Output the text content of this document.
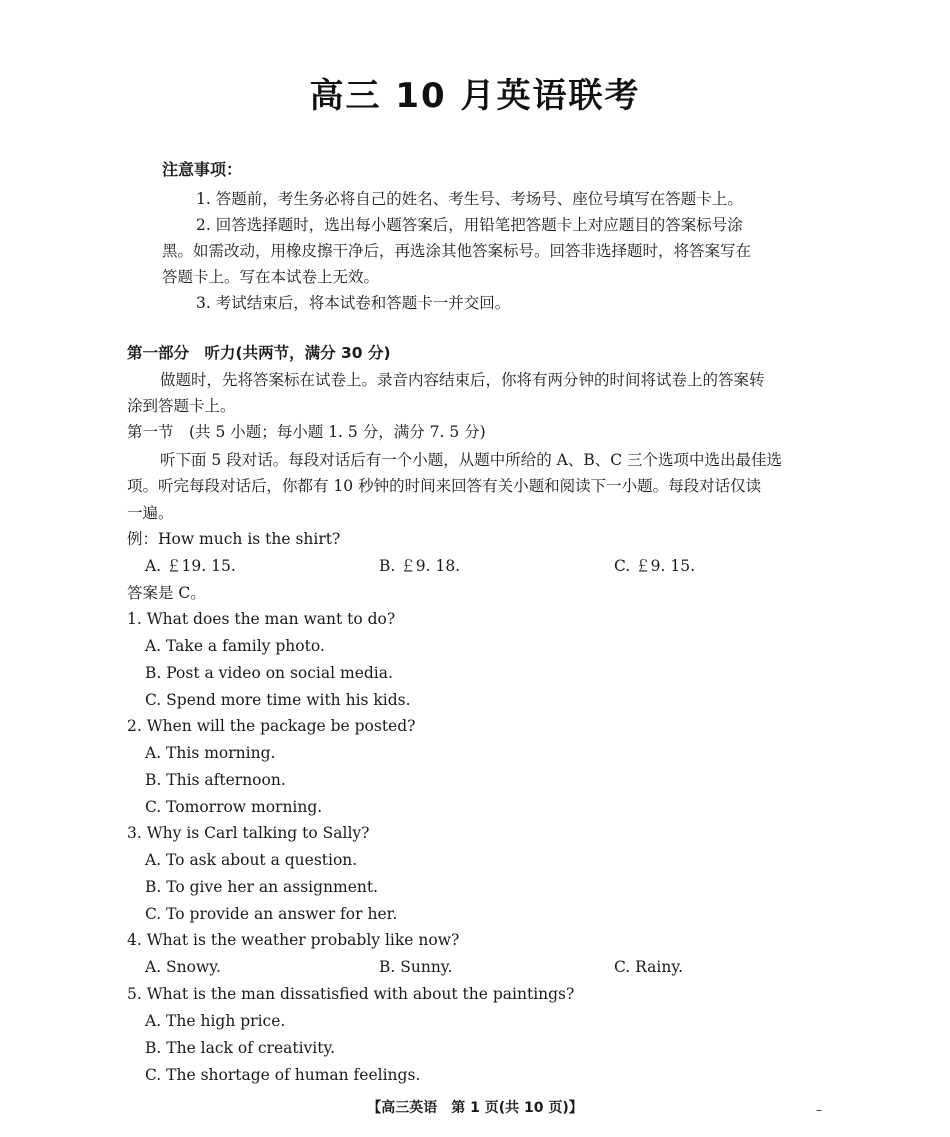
高三 10 月英语联考
注意事项：
1. 答题前，考生务必将自己的姓名、考生号、考场号、座位号填写在答题卡上。
2. 回答选择题时，选出每小题答案后，用铅笔把答题卡上对应题目的答案标号涂
黑。如需改动，用橡皮擦干净后，再选涂其他答案标号。回答非选择题时，将答案写在
答题卡上。写在本试卷上无效。
3. 考试结束后，将本试卷和答题卡一并交回。
第一部分　听力(共两节，满分 30 分)
做题时，先将答案标在试卷上。录音内容结束后，你将有两分钟的时间将试卷上的答案转
涂到答题卡上。
第一节　(共 5 小题；每小题 1. 5 分，满分 7. 5 分)
听下面 5 段对话。每段对话后有一个小题，从题中所给的 A、B、C 三个选项中选出最佳选
项。听完每段对话后，你都有 10 秒钟的时间来回答有关小题和阅读下一小题。每段对话仅读
一遍。
例：How much is the shirt?
A. ￡19. 15.	B. ￡9. 18.	C. ￡9. 15.
答案是 C。
1. What does the man want to do?
A. Take a family photo.
B. Post a video on social media.
C. Spend more time with his kids.
2. When will the package be posted?
A. This morning.
B. This afternoon.
C. Tomorrow morning.
3. Why is Carl talking to Sally?
A. To ask about a question.
B. To give her an assignment.
C. To provide an answer for her.
4. What is the weather probably like now?
A. Snowy.	B. Sunny.	C. Rainy.
5. What is the man dissatisfied with about the paintings?
A. The high price.
B. The lack of creativity.
C. The shortage of human feelings.
【高三英语　第 1 页(共 10 页)】	–
